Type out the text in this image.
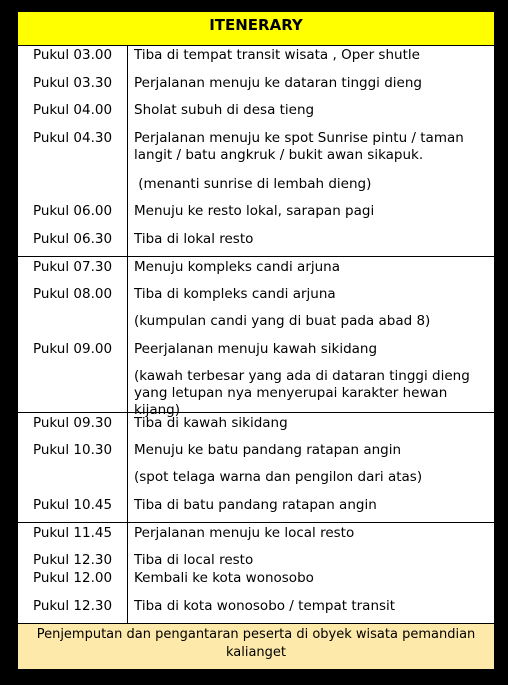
ITENERARY
Pukul 03.00	Tiba di tempat transit wisata , Oper shutle
Pukul 03.30	Perjalanan menuju ke dataran tinggi dieng
Pukul 04.00	Sholat subuh di desa tieng
Pukul 04.30	Perjalanan menuju ke spot Sunrise pintu / taman langit / batu angkruk / bukit awan sikapuk.
(menanti sunrise di lembah dieng)
Pukul 06.00	Menuju ke resto lokal, sarapan pagi
Pukul 06.30	Tiba di lokal resto
Pukul 07.30	Menuju kompleks candi arjuna
Pukul 08.00	Tiba di kompleks candi arjuna
(kumpulan candi yang di buat pada abad 8)
Pukul 09.00	Peerjalanan menuju kawah sikidang
(kawah terbesar yang ada di dataran tinggi dieng yang letupan nya menyerupai karakter hewan kijang)
Pukul 09.30	Tiba di kawah sikidang
Pukul 10.30	Menuju ke batu pandang ratapan angin
(spot telaga warna dan pengilon dari atas)
Pukul 10.45	Tiba di batu pandang ratapan angin
Pukul 11.45	Perjalanan menuju ke local resto
Pukul 12.30	Tiba di local resto
Pukul 12.00	Kembali ke kota wonosobo
Pukul 12.30	Tiba di kota wonosobo / tempat transit
Penjemputan dan pengantaran peserta di obyek wisata pemandian kalianget
